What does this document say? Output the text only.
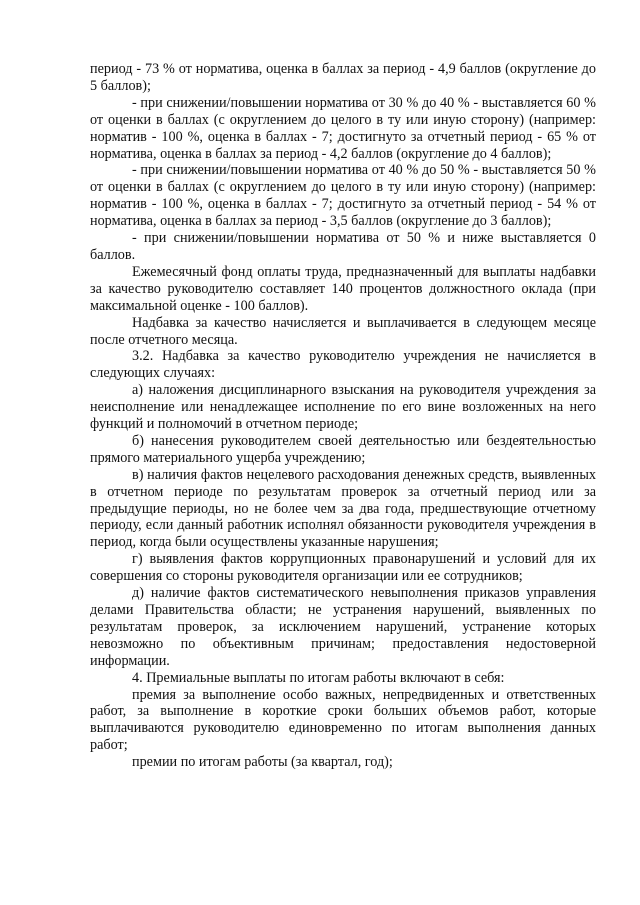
период - 73 % от норматива, оценка в баллах за период - 4,9 баллов (округление до 5 баллов);

- при снижении/повышении норматива от 30 % до 40 % - выставляется 60 % от оценки в баллах (с округлением до целого в ту или иную сторону) (например: норматив - 100 %, оценка в баллах - 7; достигнуто за отчетный период - 65 % от норматива, оценка в баллах за период - 4,2 баллов (округление до 4 баллов);

- при снижении/повышении норматива от 40 % до 50 % - выставляется 50 % от оценки в баллах (с округлением до целого в ту или иную сторону) (например: норматив - 100 %, оценка в баллах - 7; достигнуто за отчетный период - 54 % от норматива, оценка в баллах за период - 3,5 баллов (округление до 3 баллов);

- при снижении/повышении норматива от 50 % и ниже выставляется 0 баллов.

Ежемесячный фонд оплаты труда, предназначенный для выплаты надбавки за качество руководителю составляет 140 процентов должностного оклада (при максимальной оценке - 100 баллов).

Надбавка за качество начисляется и выплачивается в следующем месяце после отчетного месяца.

3.2. Надбавка за качество руководителю учреждения не начисляется в следующих случаях:

а) наложения дисциплинарного взыскания на руководителя учреждения за неисполнение или ненадлежащее исполнение по его вине возложенных на него функций и полномочий в отчетном периоде;

б) нанесения руководителем своей деятельностью или бездеятельностью прямого материального ущерба учреждению;

в) наличия фактов нецелевого расходования денежных средств, выявленных в отчетном периоде по результатам проверок за отчетный период или за предыдущие периоды, но не более чем за два года, предшествующие отчетному периоду, если данный работник исполнял обязанности руководителя учреждения в период, когда были осуществлены указанные нарушения;

г) выявления фактов коррупционных правонарушений и условий для их совершения со стороны руководителя организации или ее сотрудников;

д) наличие фактов систематического невыполнения приказов управления делами Правительства области; не устранения нарушений, выявленных по результатам проверок, за исключением нарушений, устранение которых невозможно по объективным причинам; предоставления недостоверной информации.

4. Премиальные выплаты по итогам работы включают в себя:

премия за выполнение особо важных, непредвиденных и ответственных работ, за выполнение в короткие сроки больших объемов работ, которые выплачиваются руководителю единовременно по итогам выполнения данных работ;

премии по итогам работы (за квартал, год);
